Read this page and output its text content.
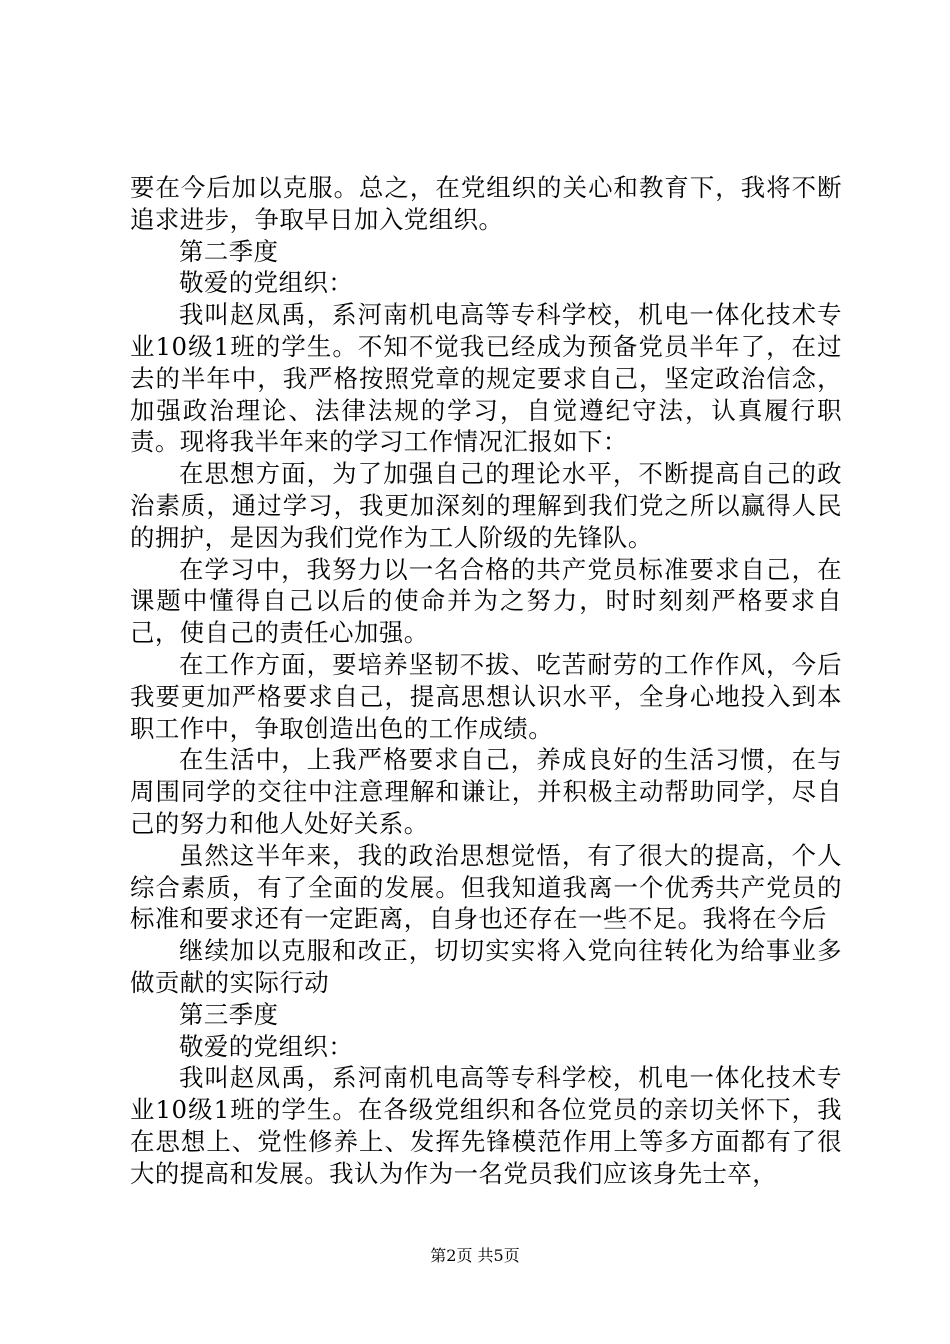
要在今后加以克服。总之，在党组织的关心和教育下，我将不断追求进步，争取早日加入党组织。

第二季度

敬爱的党组织：

我叫赵凤禹，系河南机电高等专科学校，机电一体化技术专业10级1班的学生。不知不觉我已经成为预备党员半年了，在过去的半年中，我严格按照党章的规定要求自己，坚定政治信念，加强政治理论、法律法规的学习，自觉遵纪守法，认真履行职责。现将我半年来的学习工作情况汇报如下：

在思想方面，为了加强自己的理论水平，不断提高自己的政治素质，通过学习，我更加深刻的理解到我们党之所以赢得人民的拥护，是因为我们党作为工人阶级的先锋队。

在学习中，我努力以一名合格的共产党员标准要求自己，在课题中懂得自己以后的使命并为之努力，时时刻刻严格要求自己，使自己的责任心加强。

在工作方面，要培养坚韧不拔、吃苦耐劳的工作作风，今后我要更加严格要求自己，提高思想认识水平，全身心地投入到本职工作中，争取创造出色的工作成绩。

在生活中，上我严格要求自己，养成良好的生活习惯，在与周围同学的交往中注意理解和谦让，并积极主动帮助同学，尽自己的努力和他人处好关系。

虽然这半年来，我的政治思想觉悟，有了很大的提高，个人综合素质，有了全面的发展。但我知道我离一个优秀共产党员的标准和要求还有一定距离，自身也还存在一些不足。我将在今后

继续加以克服和改正，切切实实将入党向往转化为给事业多做贡献的实际行动

第三季度

敬爱的党组织：

我叫赵凤禹，系河南机电高等专科学校，机电一体化技术专业10级1班的学生。在各级党组织和各位党员的亲切关怀下，我在思想上、党性修养上、发挥先锋模范作用上等多方面都有了很大的提高和发展。我认为作为一名党员我们应该身先士卒，

第2页 共5页
